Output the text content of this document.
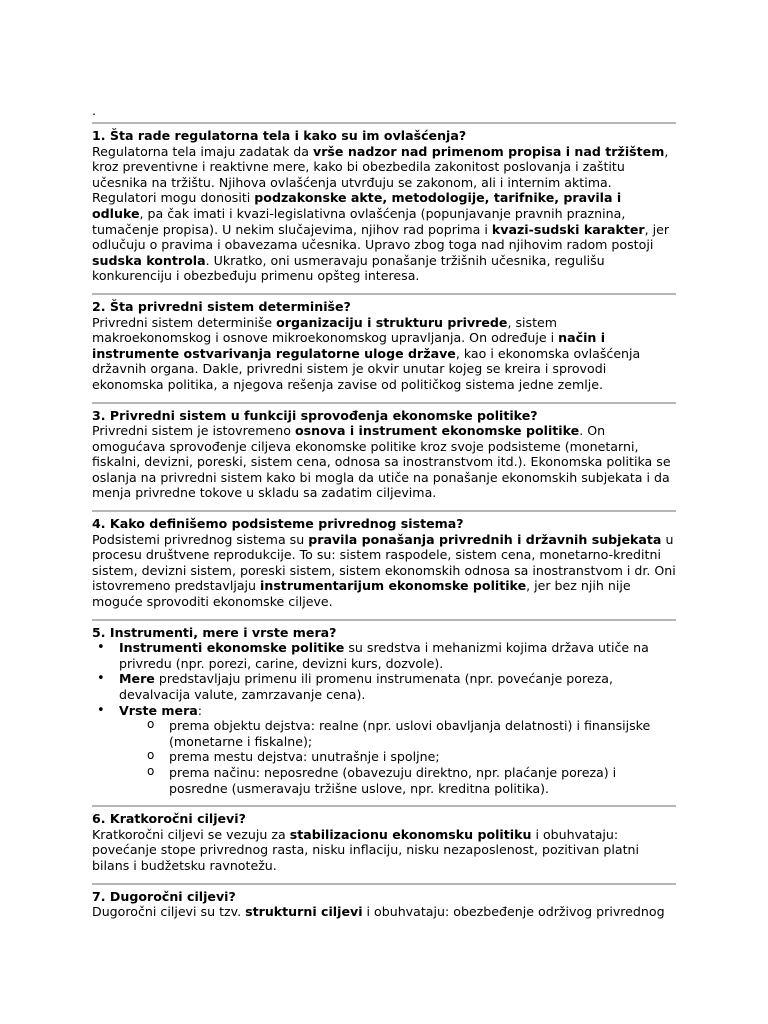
.
1. Šta rade regulatorna tela i kako su im ovlašćenja?

Regulatorna tela imaju zadatak da vrše nadzor nad primenom propisa i nad tržištem, kroz preventivne i reaktivne mere, kako bi obezbedila zakonitost poslovanja i zaštitu učesnika na tržištu. Njihova ovlašćenja utvrđuju se zakonom, ali i internim aktima. Regulatori mogu donositi podzakonske akte, metodologije, tarifnike, pravila i odluke, pa čak imati i kvazi-legislativna ovlašćenja (popunjavanje pravnih praznina, tumačenje propisa). U nekim slučajevima, njihov rad poprima i kvazi-sudski karakter, jer odlučuju o pravima i obavezama učesnika. Upravo zbog toga nad njihovim radom postoji sudska kontrola. Ukratko, oni usmeravaju ponašanje tržišnih učesnika, regulišu konkurenciju i obezbeđuju primenu opšteg interesa.

2. Šta privredni sistem determiniše?

Privredni sistem determiniše organizaciju i strukturu privrede, sistem makroekonomskog i osnove mikroekonomskog upravljanja. On određuje i način i instrumente ostvarivanja regulatorne uloge države, kao i ekonomska ovlašćenja državnih organa. Dakle, privredni sistem je okvir unutar kojeg se kreira i sprovodi ekonomska politika, a njegova rešenja zavise od političkog sistema jedne zemlje.

3. Privredni sistem u funkciji sprovođenja ekonomske politike?

Privredni sistem je istovremeno osnova i instrument ekonomske politike. On omogućava sprovođenje ciljeva ekonomske politike kroz svoje podsisteme (monetarni, fiskalni, devizni, poreski, sistem cena, odnosa sa inostranstvom itd.). Ekonomska politika se oslanja na privredni sistem kako bi mogla da utiče na ponašanje ekonomskih subjekata i da menja privredne tokove u skladu sa zadatim ciljevima.

4. Kako definišemo podsisteme privrednog sistema?

Podsistemi privrednog sistema su pravila ponašanja privrednih i državnih subjekata u procesu društvene reprodukcije. To su: sistem raspodele, sistem cena, monetarno-kreditni sistem, devizni sistem, poreski sistem, sistem ekonomskih odnosa sa inostranstvom i dr. Oni istovremeno predstavljaju instrumentarijum ekonomske politike, jer bez njih nije moguće sprovoditi ekonomske ciljeve.

5. Instrumenti, mere i vrste mera?
• Instrumenti ekonomske politike su sredstva i mehanizmi kojima država utiče na privredu (npr. porezi, carine, devizni kurs, dozvole).
• Mere predstavljaju primenu ili promenu instrumenata (npr. povećanje poreza, devalvacija valute, zamrzavanje cena).
• Vrste mera:
o prema objektu dejstva: realne (npr. uslovi obavljanja delatnosti) i finansijske (monetarne i fiskalne);
o prema mestu dejstva: unutrašnje i spoljne;
o prema načinu: neposredne (obavezuju direktno, npr. plaćanje poreza) i posredne (usmeravaju tržišne uslove, npr. kreditna politika).
6. Kratkoročni ciljevi?

Kratkoročni ciljevi se vezuju za stabilizacionu ekonomsku politiku i obuhvataju: povećanje stope privrednog rasta, nisku inflaciju, nisku nezaposlenost, pozitivan platni bilans i budžetsku ravnotežu.

7. Dugoročni ciljevi?

Dugoročni ciljevi su tzv. strukturni ciljevi i obuhvataju: obezbeđenje održivog privrednog
